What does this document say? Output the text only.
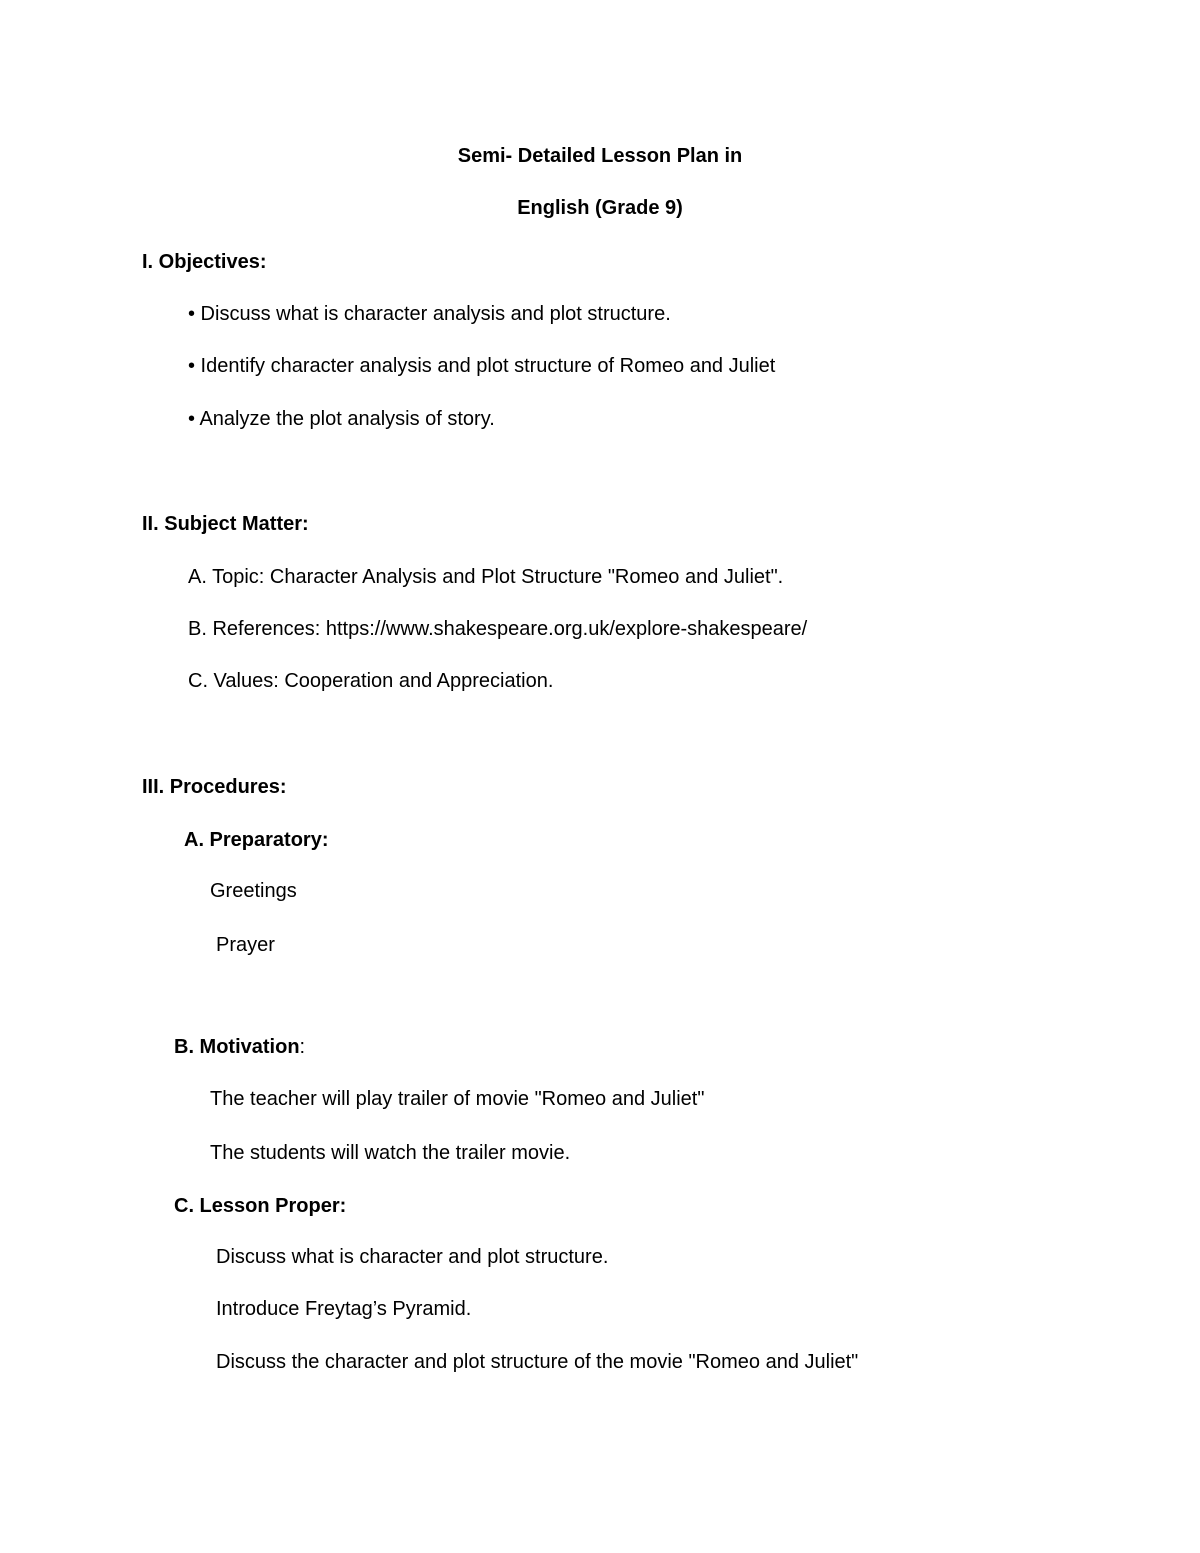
Semi- Detailed Lesson Plan in
English (Grade 9)
I. Objectives:
• Discuss what is character analysis and plot structure.
• Identify character analysis and plot structure of Romeo and Juliet
• Analyze the plot analysis of story.
II. Subject Matter:
A. Topic: Character Analysis and Plot Structure "Romeo and Juliet".
B. References: https://www.shakespeare.org.uk/explore-shakespeare/
C. Values: Cooperation and Appreciation.
III. Procedures:
A. Preparatory:
Greetings
Prayer
B. Motivation:
The teacher will play trailer of movie "Romeo and Juliet"
The students will watch the trailer movie.
C. Lesson Proper:
Discuss what is character and plot structure.
Introduce Freytag’s Pyramid.
Discuss the character and plot structure of the movie "Romeo and Juliet"
